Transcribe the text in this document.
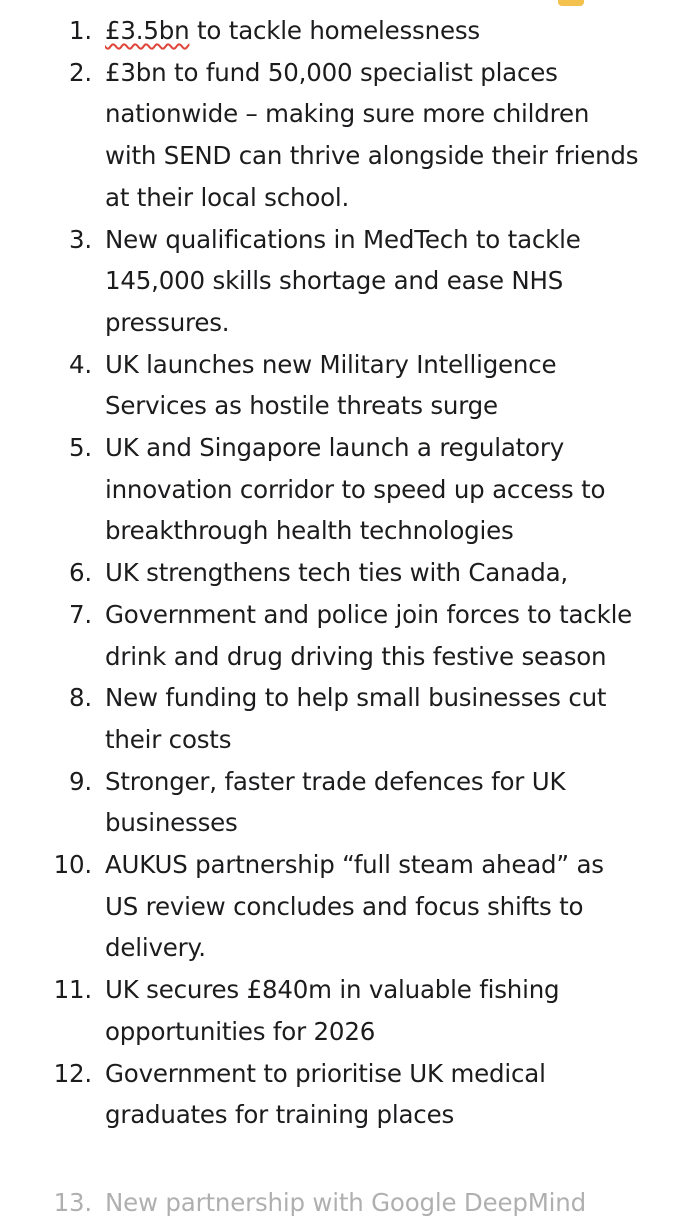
1. £3.5bn to tackle homelessness
2. £3bn to fund 50,000 specialist places nationwide – making sure more children with SEND can thrive alongside their friends at their local school.
3. New qualifications in MedTech to tackle 145,000 skills shortage and ease NHS pressures.
4. UK launches new Military Intelligence Services as hostile threats surge
5. UK and Singapore launch a regulatory innovation corridor to speed up access to breakthrough health technologies
6. UK strengthens tech ties with Canada,
7. Government and police join forces to tackle drink and drug driving this festive season
8. New funding to help small businesses cut their costs
9. Stronger, faster trade defences for UK businesses
10. AUKUS partnership “full steam ahead” as US review concludes and focus shifts to delivery.
11. UK secures £840m in valuable fishing opportunities for 2026
12. Government to prioritise UK medical graduates for training places
13. New partnership with Google DeepMind
